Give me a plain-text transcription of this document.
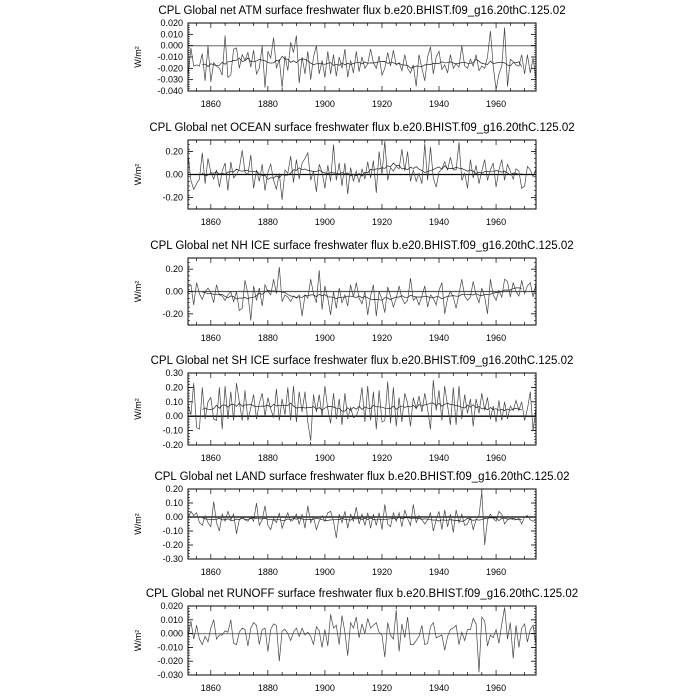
CPL Global net ATM surface freshwater flux b.e20.BHIST.f09_g16.20thC.125.02
W/m²
0.020
0.010
0.000
-0.010
-0.020
-0.030
-0.040
1860	1880	1900	1920	1940	1960
CPL Global net OCEAN surface freshwater flux b.e20.BHIST.f09_g16.20thC.125.02
W/m²
0.20
0.00
-0.20
1860	1880	1900	1920	1940	1960
CPL Global net NH ICE surface freshwater flux b.e20.BHIST.f09_g16.20thC.125.02
W/m²
0.20
0.00
-0.20
1860	1880	1900	1920	1940	1960
CPL Global net SH ICE surface freshwater flux b.e20.BHIST.f09_g16.20thC.125.02
W/m²
0.30
0.20
0.10
0.00
-0.10
-0.20
1860	1880	1900	1920	1940	1960
CPL Global net LAND surface freshwater flux b.e20.BHIST.f09_g16.20thC.125.02
W/m²
0.20
0.10
0.00
-0.10
-0.20
-0.30
1860	1880	1900	1920	1940	1960
CPL Global net RUNOFF surface freshwater flux b.e20.BHIST.f09_g16.20thC.125.02
W/m²
0.020
0.010
0.000
-0.010
-0.020
-0.030
1860	1880	1900	1920	1940	1960
